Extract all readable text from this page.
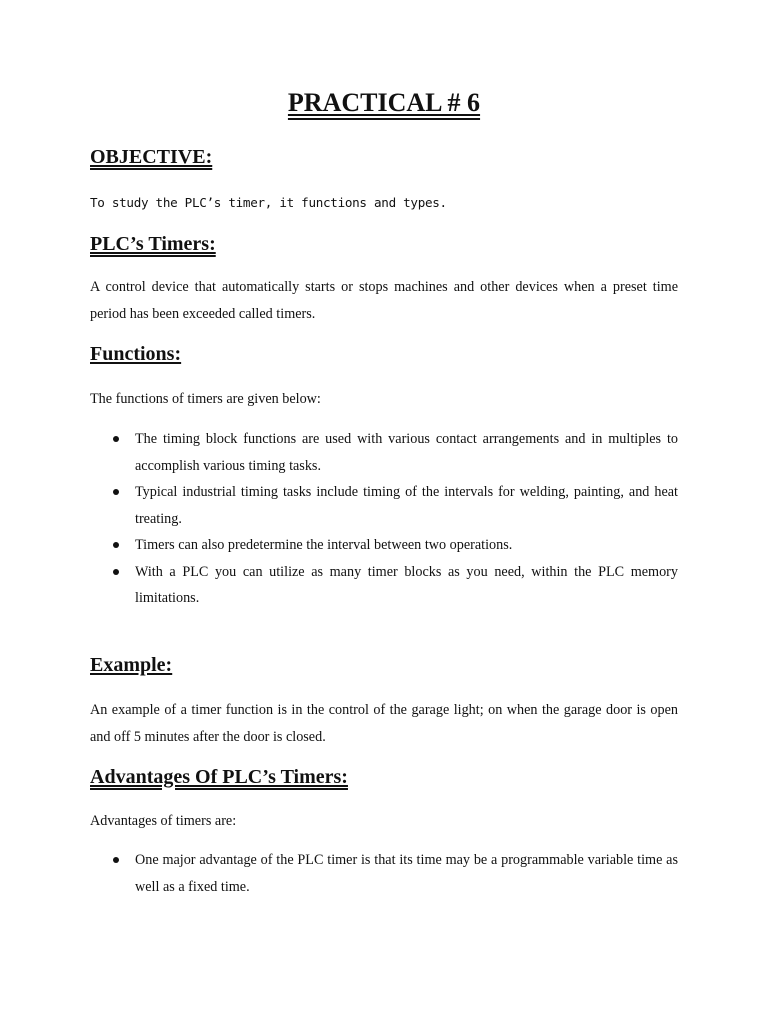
PRACTICAL # 6
OBJECTIVE:

To study the PLC’s timer, it functions and types.

PLC’s Timers:

A control device that automatically starts or stops machines and other devices when a preset time period has been exceeded called timers.

Functions:

The functions of timers are given below:

The timing block functions are used with various contact arrangements and in multiples to accomplish various timing tasks.
Typical industrial timing tasks include timing of the intervals for welding, painting, and heat treating.
Timers can also predetermine the interval between two operations.
With a PLC you can utilize as many timer blocks as you need, within the PLC memory limitations.
Example:

An example of a timer function is in the control of the garage light; on when the garage door is open and off 5 minutes after the door is closed.

Advantages Of PLC’s Timers:

Advantages of timers are:

One major advantage of the PLC timer is that its time may be a programmable variable time as well as a fixed time.
